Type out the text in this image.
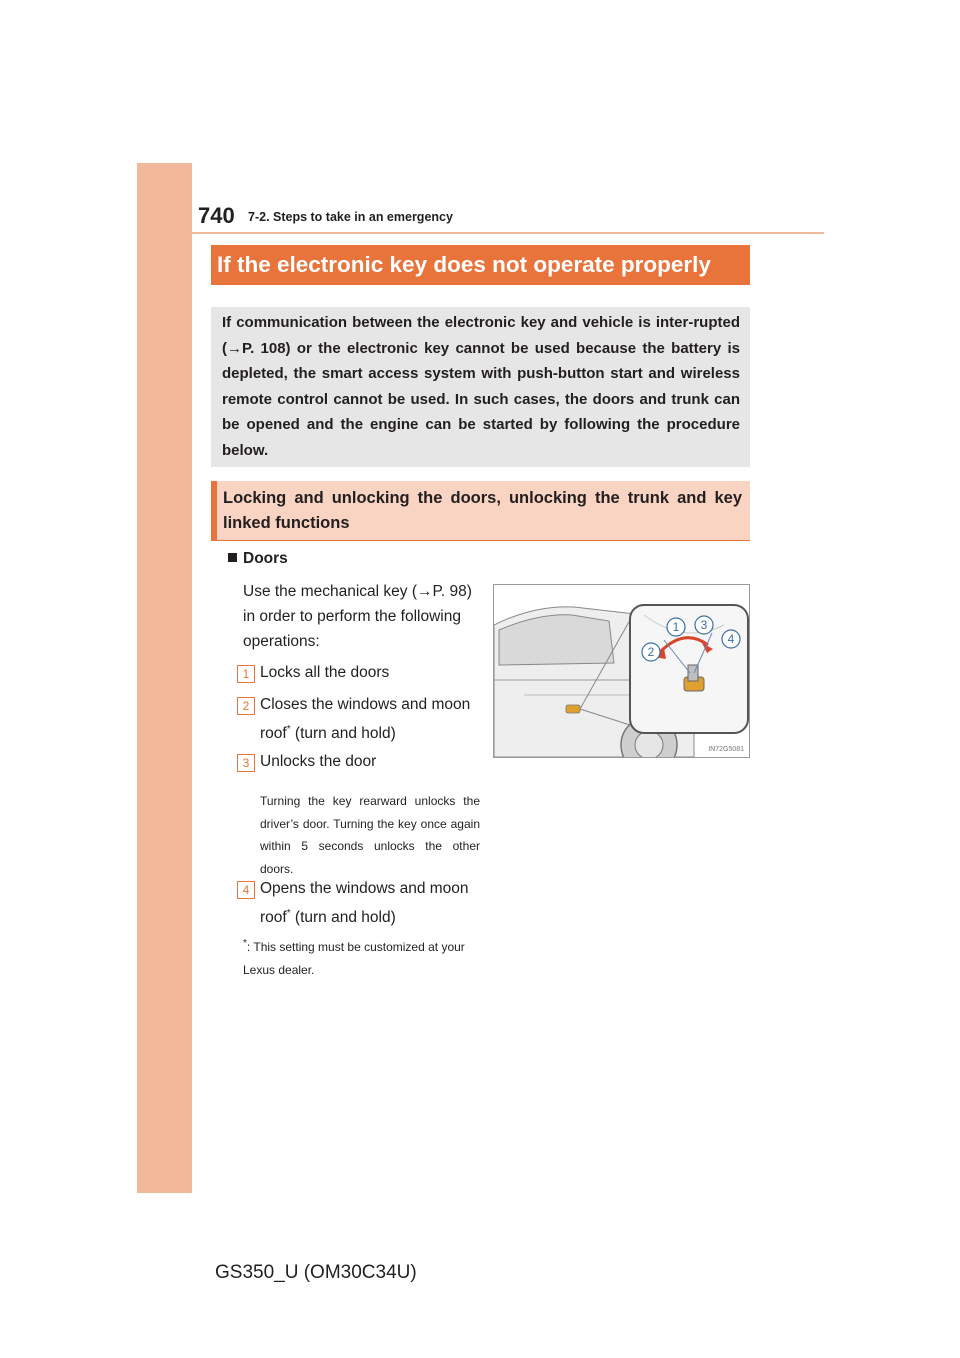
740 7-2. Steps to take in an emergency
If the electronic key does not operate properly
If communication between the electronic key and vehicle is inter-rupted (→P. 108) or the electronic key cannot be used because the battery is depleted, the smart access system with push-button start and wireless remote control cannot be used. In such cases, the doors and trunk can be opened and the engine can be started by following the procedure below.
Locking and unlocking the doors, unlocking the trunk and key linked functions
Doors
Use the mechanical key (→P. 98) in order to perform the following operations:
1 Locks all the doors
2 Closes the windows and moon roof* (turn and hold)
3 Unlocks the door
Turning the key rearward unlocks the driver’s door. Turning the key once again within 5 seconds unlocks the other doors.
4 Opens the windows and moon roof* (turn and hold)
*: This setting must be customized at your Lexus dealer.
1
2
3
4
IN72G5081
GS350_U (OM30C34U)
